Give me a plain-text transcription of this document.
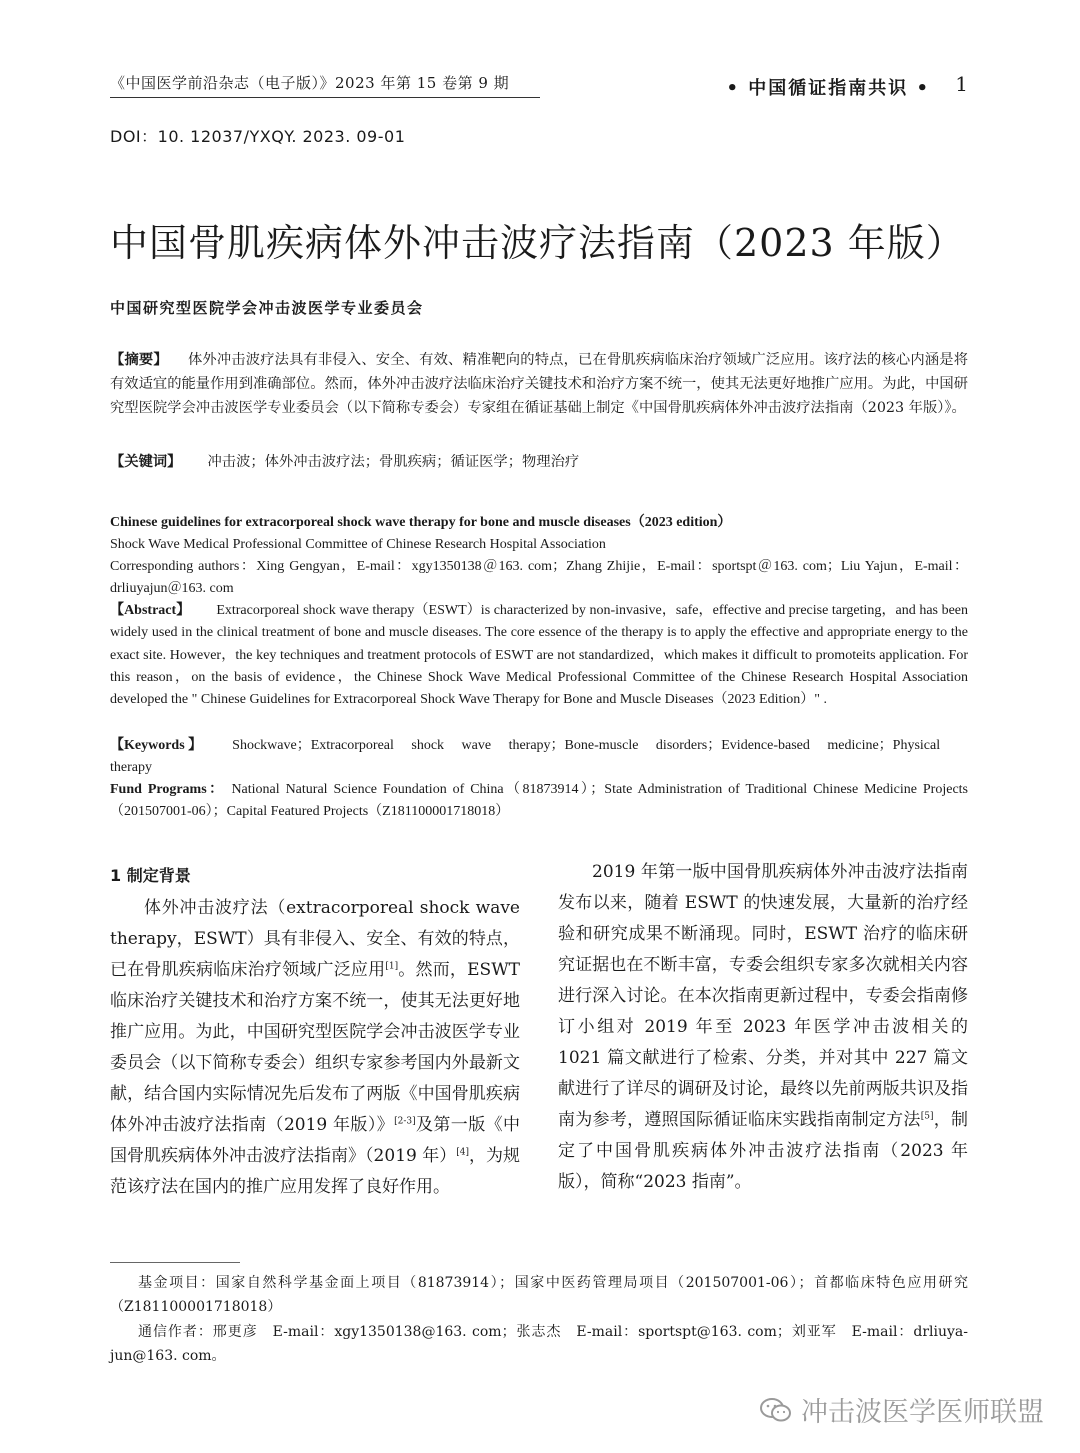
《中国医学前沿杂志（电子版）》2023 年第 15 卷第 9 期	• 中国循证指南共识 • 1
DOI：10. 12037/YXQY. 2023. 09-01
中国骨肌疾病体外冲击波疗法指南（2023 年版）
中国研究型医院学会冲击波医学专业委员会
【摘要】 体外冲击波疗法具有非侵入、安全、有效、精准靶向的特点，已在骨肌疾病临床治疗领域广泛应用。该疗法的核心内涵是将有效适宜的能量作用到准确部位。然而，体外冲击波疗法临床治疗关键技术和治疗方案不统一，使其无法更好地推广应用。为此，中国研究型医院学会冲击波医学专业委员会（以下简称专委会）专家组在循证基础上制定《中国骨肌疾病体外冲击波疗法指南（2023 年版）》。
【关键词】 冲击波；体外冲击波疗法；骨肌疾病；循证医学；物理治疗
Chinese guidelines for extracorporeal shock wave therapy for bone and muscle diseases（2023 edition）
Shock Wave Medical Professional Committee of Chinese Research Hospital Association
Corresponding authors：Xing Gengyan，E-mail：xgy1350138＠163. com；Zhang Zhijie，E-mail：sportspt＠163. com；Liu Yajun，E-mail：drliuyajun＠163. com
【Abstract】 Extracorporeal shock wave therapy（ESWT）is characterized by non-invasive，safe，effective and precise targeting，and has been widely used in the clinical treatment of bone and muscle diseases. The core essence of the therapy is to apply the effective and appropriate energy to the exact site. However，the key techniques and treatment protocols of ESWT are not standardized，which makes it difficult to promoteits application. For this reason，on the basis of evidence，the Chinese Shock Wave Medical Professional Committee of the Chinese Research Hospital Association developed the " Chinese Guidelines for Extracorporeal Shock Wave Therapy for Bone and Muscle Diseases（2023 Edition）" .
【Keywords 】 Shockwave；Extracorporeal shock wave therapy；Bone-muscle disorders；Evidence-based medicine；Physical therapy
Fund Programs： National Natural Science Foundation of China（81873914）；State Administration of Traditional Chinese Medicine Projects（201507001-06）；Capital Featured Projects（Z181100001718018）
1 制定背景
体外冲击波疗法（extracorporeal shock wave therapy，ESWT）具有非侵入、安全、有效的特点，已在骨肌疾病临床治疗领域广泛应用[1]。然而，ESWT 临床治疗关键技术和治疗方案不统一，使其无法更好地推广应用。为此，中国研究型医院学会冲击波医学专业委员会（以下简称专委会）组织专家参考国内外最新文献，结合国内实际情况先后发布了两版《中国骨肌疾病体外冲击波疗法指南（2019 年版）》[2-3]及第一版《中国骨肌疾病体外冲击波疗法指南》（2019 年）[4]，为规范该疗法在国内的推广应用发挥了良好作用。
2019 年第一版中国骨肌疾病体外冲击波疗法指南发布以来，随着 ESWT 的快速发展，大量新的治疗经验和研究成果不断涌现。同时，ESWT 治疗的临床研究证据也在不断丰富，专委会组织专家多次就相关内容进行深入讨论。在本次指南更新过程中，专委会指南修订小组对 2019 年至 2023 年医学冲击波相关的 1021 篇文献进行了检索、分类，并对其中 227 篇文献进行了详尽的调研及讨论，最终以先前两版共识及指南为参考，遵照国际循证临床实践指南制定方法[5]，制定了中国骨肌疾病体外冲击波疗法指南（2023 年版），简称“2023 指南”。
基金项目：国家自然科学基金面上项目（81873914）；国家中医药管理局项目（201507001-06）；首都临床特色应用研究（Z181100001718018）
通信作者：邢更彦　E-mail：xgy1350138@163. com；张志杰　E-mail：sportspt@163. com；刘亚军　E-mail：drliuya-jun@163. com。
冲击波医学医师联盟
